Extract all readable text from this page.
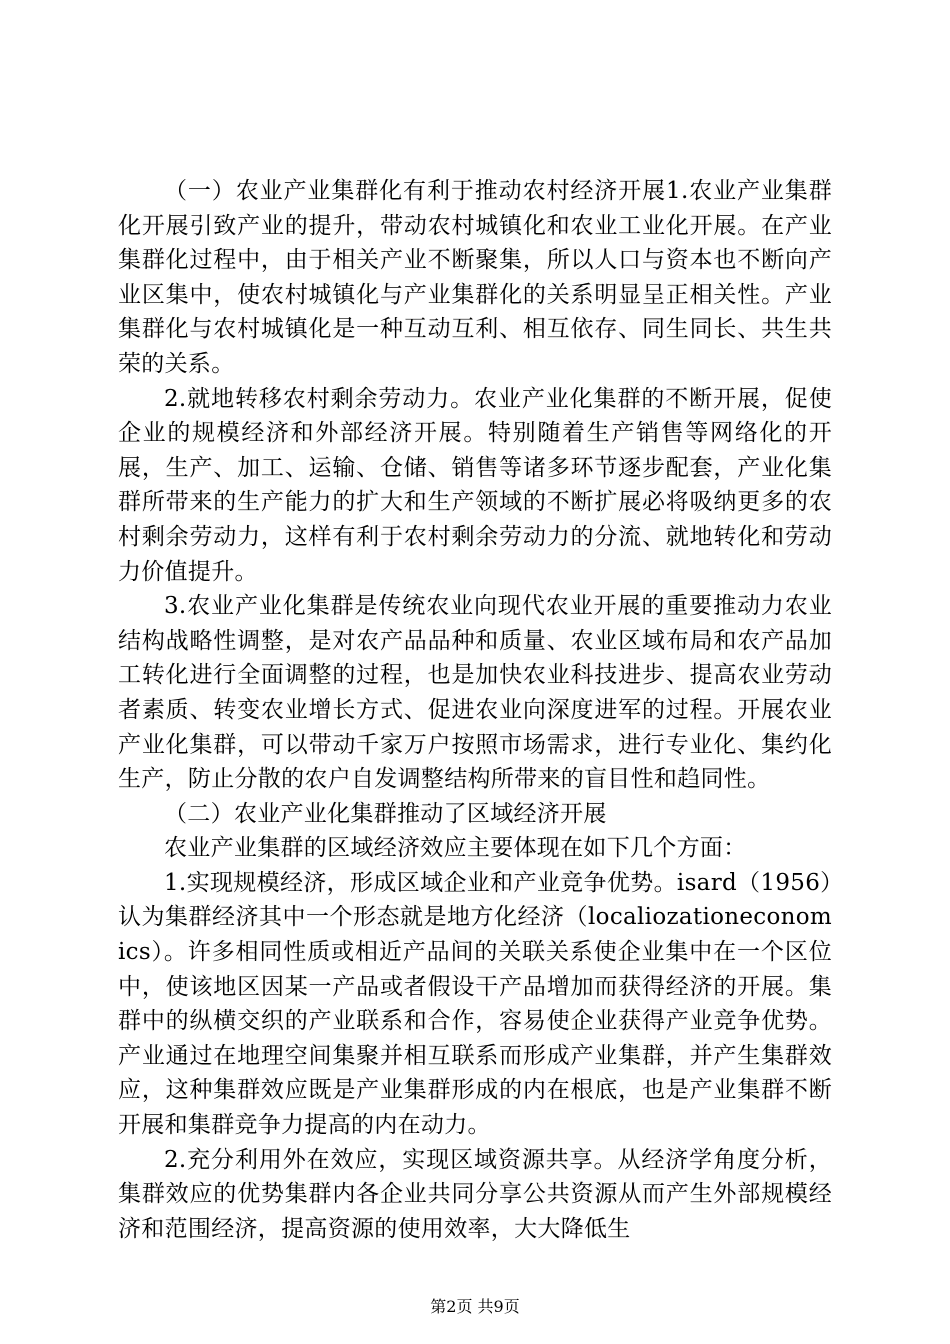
（一）农业产业集群化有利于推动农村经济开展1.农业产业集群化开展引致产业的提升，带动农村城镇化和农业工业化开展。在产业集群化过程中，由于相关产业不断聚集，所以人口与资本也不断向产业区集中，使农村城镇化与产业集群化的关系明显呈正相关性。产业集群化与农村城镇化是一种互动互利、相互依存、同生同长、共生共荣的关系。

2.就地转移农村剩余劳动力。农业产业化集群的不断开展，促使企业的规模经济和外部经济开展。特别随着生产销售等网络化的开展，生产、加工、运输、仓储、销售等诸多环节逐步配套，产业化集群所带来的生产能力的扩大和生产领域的不断扩展必将吸纳更多的农村剩余劳动力，这样有利于农村剩余劳动力的分流、就地转化和劳动力价值提升。

3.农业产业化集群是传统农业向现代农业开展的重要推动力农业结构战略性调整，是对农产品品种和质量、农业区域布局和农产品加工转化进行全面调整的过程，也是加快农业科技进步、提高农业劳动者素质、转变农业增长方式、促进农业向深度进军的过程。开展农业产业化集群，可以带动千家万户按照市场需求，进行专业化、集约化生产，防止分散的农户自发调整结构所带来的盲目性和趋同性。

（二）农业产业化集群推动了区域经济开展

农业产业集群的区域经济效应主要体现在如下几个方面：

1.实现规模经济，形成区域企业和产业竞争优势。isard（1956）认为集群经济其中一个形态就是地方化经济（localiozationeconomics）。许多相同性质或相近产品间的关联关系使企业集中在一个区位中，使该地区因某一产品或者假设干产品增加而获得经济的开展。集群中的纵横交织的产业联系和合作，容易使企业获得产业竞争优势。产业通过在地理空间集聚并相互联系而形成产业集群，并产生集群效应，这种集群效应既是产业集群形成的内在根底，也是产业集群不断开展和集群竞争力提高的内在动力。

2.充分利用外在效应，实现区域资源共享。从经济学角度分析，集群效应的优势集群内各企业共同分享公共资源从而产生外部规模经济和范围经济，提高资源的使用效率，大大降低生

第2页 共9页
